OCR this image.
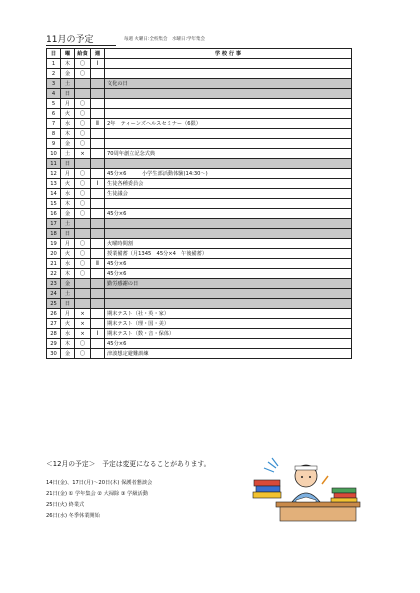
11月の予定	毎週 火曜日:全校集会　水曜日:学年集会
日	曜	給食	週	学 校 行 事
1	木	〇	Ⅰ	
2	金	〇		
3	土			文化の日
4	日			
5	月	〇		
6	火	〇		
7	水	〇	Ⅱ	2年　ティーンズヘルスセミナー（6限）
8	木	〇		
9	金	〇		
10	土	×		70周年創立記念式典
11	日			
12	月	〇		45分×6　　　小学生部活動体験(14:30～)
13	火	〇	Ⅰ	生徒各種委員会
14	水	〇		生徒議会
15	木	〇		
16	金	〇		45分×6
17	土			
18	日			
19	月	〇		火曜時間割
20	火	〇		授業備蓄（月1345　45分×4　午後備蓄）
21	水	〇	Ⅱ	45分×6
22	木	〇		45分×6
23	金			勤労感謝の日
24	土			
25	日			
26	月	×		期末テスト（社・英・家）
27	火	×		期末テスト（理・国・美）
28	水	×	Ⅰ	期末テスト（数・音・保体）
29	木	〇		45分×6
30	金	〇		津波想定避難訓練
＜12月の予定＞　予定は変更になることがあります。
14日(金)、17日(月)～20日(木) 保護者懇談会
21日(金) ① 学年集会 ② 大掃除 ③ 学級活動
25日(火) 終業式
26日(水) 冬季休業開始
